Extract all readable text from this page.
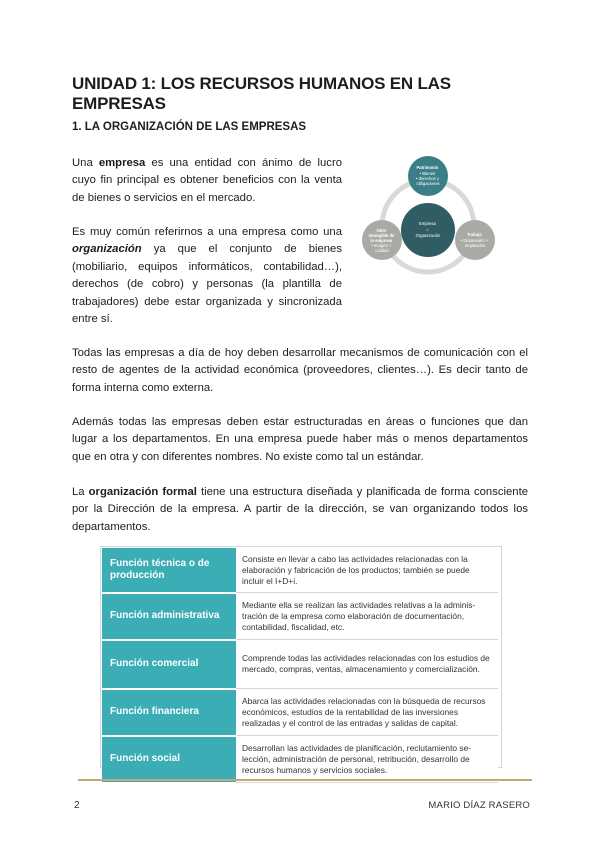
UNIDAD 1: LOS RECURSOS HUMANOS EN LAS EMPRESAS
1. LA ORGANIZACIÓN DE LAS EMPRESAS

Una empresa es una entidad con ánimo de lucro cuyo fin principal es obtener beneficios con la venta de bienes o servicios en el mercado.

Es muy común referirnos a una empresa como una organización ya que el conjunto de bienes (mobiliario, equipos informáticos, contabilidad…), derechos (de cobro) y personas (la plantilla de trabajadores) debe estar organizada y sincronizada entre sí.

Empresa = Organización
Patrimonio • Bienes • derechos y obligaciones
Trabajo • Empresario + empleados
Valor intangible de la empresa • Imagen + calidad

Todas las empresas a día de hoy deben desarrollar mecanismos de comunicación con el resto de agentes de la actividad económica (proveedores, clientes…). Es decir tanto de forma interna como externa.

Además todas las empresas deben estar estructuradas en áreas o funciones que dan lugar a los departamentos. En una empresa puede haber más o menos departamentos que en otra y con diferentes nombres. No existe como tal un estándar.

La organización formal tiene una estructura diseñada y planificada de forma consciente por la Dirección de la empresa. A partir de la dirección, se van organizando todos los departamentos.

Función técnica o de producción	Consiste en llevar a cabo las actividades relacionadas con la elaboración y fabricación de los productos; también se puede incluir el I+D+i.
Función administrativa	Mediante ella se realizan las actividades relativas a la administración de la empresa como elaboración de documentación, contabilidad, fiscalidad, etc.
Función comercial	Comprende todas las actividades relacionadas con los estudios de mercado, compras, ventas, almacenamiento y comercialización.
Función financiera	Abarca las actividades relacionadas con la búsqueda de recursos económicos, estudios de la rentabilidad de las inversiones realizadas y el control de las entradas y salidas de capital.
Función social	Desarrollan las actividades de planificación, reclutamiento selección, administración de personal, retribución, desarrollo de recursos humanos y servicios sociales.
2	MARIO DÍAZ RASERO
